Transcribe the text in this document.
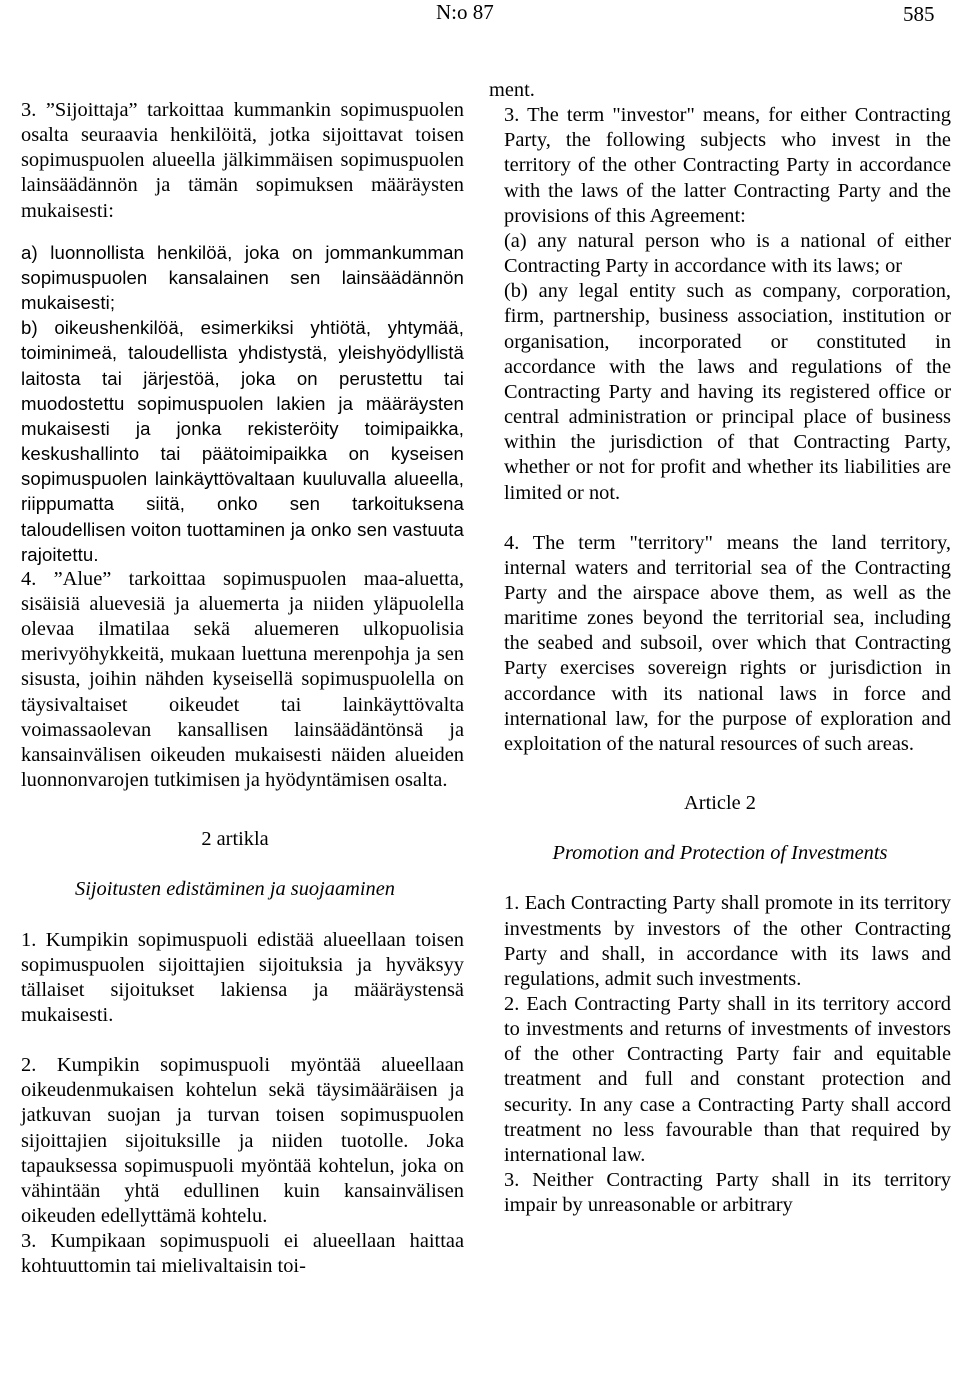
N:o 87	585

3. ”Sijoittaja” tarkoittaa kummankin sopimuspuolen osalta seuraavia henkilöitä, jotka sijoittavat toisen sopimuspuolen alueella jälkimmäisen sopimuspuolen lainsäädännön ja tämän sopimuksen määräysten mukaisesti:

a) luonnollista henkilöä, joka on jommankumman sopimuspuolen kansalainen sen lainsäädännön mukaisesti;

b) oikeushenkilöä, esimerkiksi yhtiötä, yhtymää, toiminimeä, taloudellista yhdistystä, yleishyödyllistä laitosta tai järjestöä, joka on perustettu tai muodostettu sopimuspuolen lakien ja määräysten mukaisesti ja jonka rekisteröity toimipaikka, keskushallinto tai päätoimipaikka on kyseisen sopimuspuolen lainkäyttövaltaan kuuluvalla alueella, riippumatta siitä, onko sen tarkoituksena taloudellisen voiton tuottaminen ja onko sen vastuuta rajoitettu.

4. ”Alue” tarkoittaa sopimuspuolen maa-aluetta, sisäisiä aluevesiä ja aluemerta ja niiden yläpuolella olevaa ilmatilaa sekä aluemeren ulkopuolisia merivyöhykkeitä, mukaan luettuna merenpohja ja sen sisusta, joihin nähden kyseisellä sopimuspuolella on täysivaltaiset oikeudet tai lainkäyttövalta voimassaolevan kansallisen lainsäädäntönsä ja kansainvälisen oikeuden mukaisesti näiden alueiden luonnonvarojen tutkimisen ja hyödyntämisen osalta.

2 artikla

Sijoitusten edistäminen ja suojaaminen

1. Kumpikin sopimuspuoli edistää alueellaan toisen sopimuspuolen sijoittajien sijoituksia ja hyväksyy tällaiset sijoitukset lakiensa ja määräystensä mukaisesti.

2. Kumpikin sopimuspuoli myöntää alueellaan oikeudenmukaisen kohtelun sekä täysimääräisen ja jatkuvan suojan ja turvan toisen sopimuspuolen sijoittajien sijoituksille ja niiden tuotolle. Joka tapauksessa sopimuspuoli myöntää kohtelun, joka on vähintään yhtä edullinen kuin kansainvälisen oikeuden edellyttämä kohtelu.

3. Kumpikaan sopimuspuoli ei alueellaan haittaa kohtuuttomin tai mielivaltaisin toi-

ment.

3. The term "investor" means, for either Contracting Party, the following subjects who invest in the territory of the other Contracting Party in accordance with the laws of the latter Contracting Party and the provisions of this Agreement:

(a) any natural person who is a national of either Contracting Party in accordance with its laws; or

(b) any legal entity such as company, corporation, firm, partnership, business association, institution or organisation, incorporated or constituted in accordance with the laws and regulations of the Contracting Party and having its registered office or central administration or principal place of business within the jurisdiction of that Contracting Party, whether or not for profit and whether its liabilities are limited or not.

4. The term "territory" means the land territory, internal waters and territorial sea of the Contracting Party and the airspace above them, as well as the maritime zones beyond the territorial sea, including the seabed and subsoil, over which that Contracting Party exercises sovereign rights or jurisdiction in accordance with its national laws in force and international law, for the purpose of exploration and exploitation of the natural resources of such areas.

Article 2

Promotion and Protection of Investments

1. Each Contracting Party shall promote in its territory investments by investors of the other Contracting Party and shall, in accordance with its laws and regulations, admit such investments.

2. Each Contracting Party shall in its territory accord to investments and returns of investments of investors of the other Contracting Party fair and equitable treatment and full and constant protection and security. In any case a Contracting Party shall accord treatment no less favourable than that required by international law.

3. Neither Contracting Party shall in its territory impair by unreasonable or arbitrary
